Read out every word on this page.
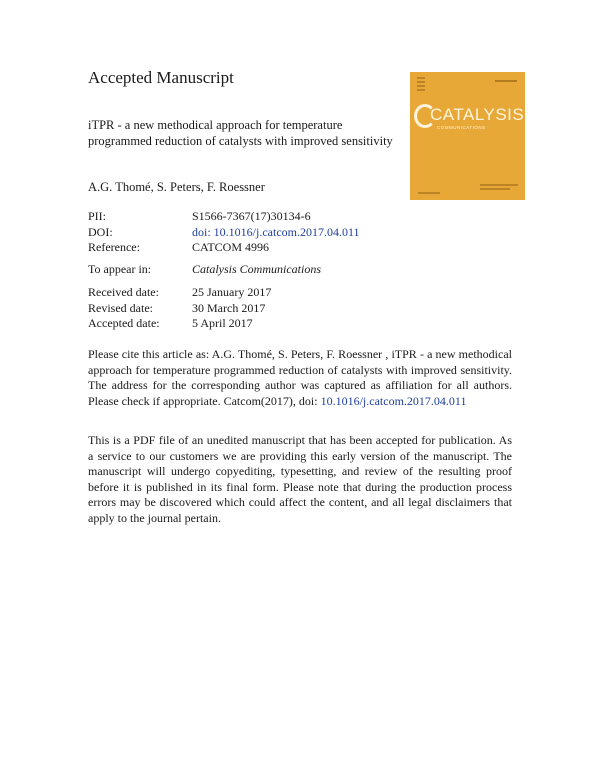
Accepted Manuscript
iTPR - a new methodical approach for temperature programmed reduction of catalysts with improved sensitivity
A.G. Thomé, S. Peters, F. Roessner
CATALYSIS
COMMUNICATIONS
PII:	S1566-7367(17)30134-6
DOI:	doi: 10.1016/j.catcom.2017.04.011
Reference:	CATCOM 4996
To appear in:	Catalysis Communications
Received date:	25 January 2017
Revised date:	30 March 2017
Accepted date:	5 April 2017
Please cite this article as: A.G. Thomé, S. Peters, F. Roessner , iTPR - a new methodical approach for temperature programmed reduction of catalysts with improved sensitivity. The address for the corresponding author was captured as affiliation for all authors. Please check if appropriate. Catcom(2017), doi: 10.1016/j.catcom.2017.04.011
This is a PDF file of an unedited manuscript that has been accepted for publication. As a service to our customers we are providing this early version of the manuscript. The manuscript will undergo copyediting, typesetting, and review of the resulting proof before it is published in its final form. Please note that during the production process errors may be discovered which could affect the content, and all legal disclaimers that apply to the journal pertain.
